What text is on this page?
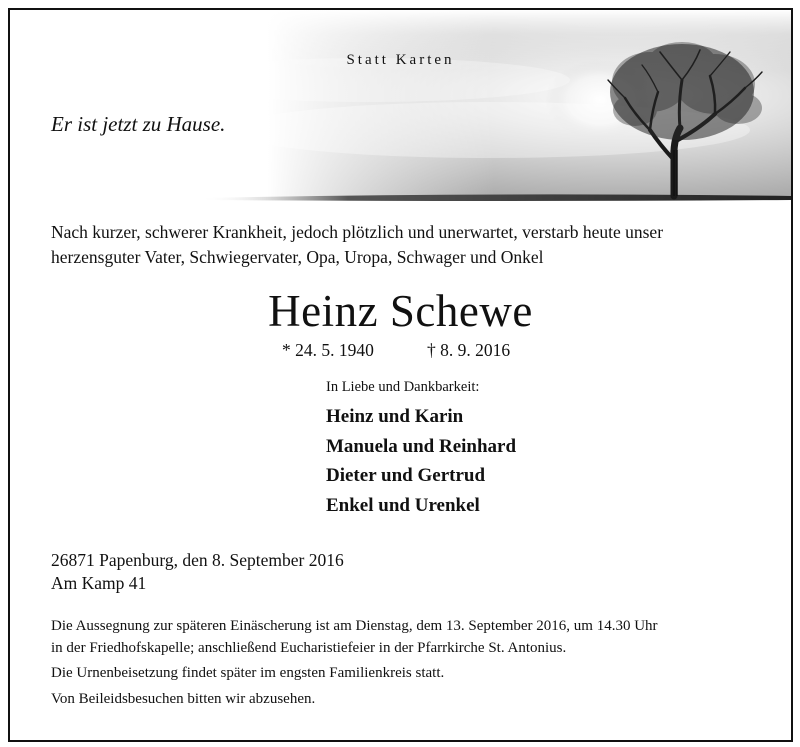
Statt Karten
Er ist jetzt zu Hause.
Nach kurzer, schwerer Krankheit, jedoch plötzlich und unerwartet, verstarb heute unser
herzensguter Vater, Schwiegervater, Opa, Uropa, Schwager und Onkel
Heinz Schewe
* 24. 5. 1940	† 8. 9. 2016
In Liebe und Dankbarkeit:
Heinz und Karin
Manuela und Reinhard
Dieter und Gertrud
Enkel und Urenkel
26871 Papenburg, den 8. September 2016
Am Kamp 41
Die Aussegnung zur späteren Einäscherung ist am Dienstag, dem 13. September 2016, um 14.30 Uhr
in der Friedhofskapelle; anschließend Eucharistiefeier in der Pfarrkirche St. Antonius.
Die Urnenbeisetzung findet später im engsten Familienkreis statt.
Von Beileidsbesuchen bitten wir abzusehen.
